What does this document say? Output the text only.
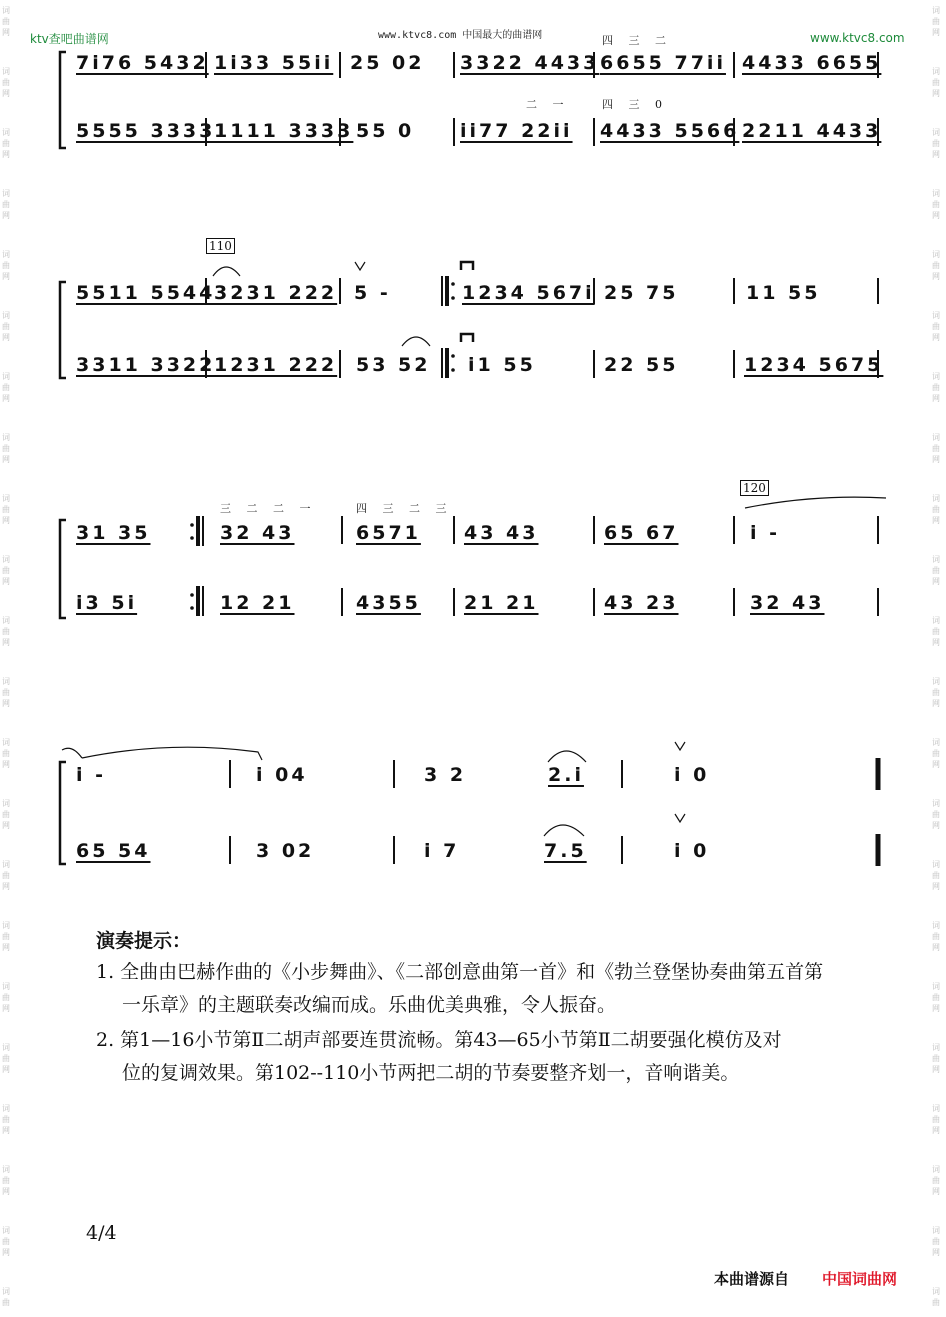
ktv查吧曲谱网	www.ktvc8.com 中国最大的曲谱网	www.ktvc8.com
词
曲
网
词
曲
网
词
曲
网
词
曲
网
词
曲
网
词
曲
网
词
曲
网
词
曲
网
词
曲
网
词
曲
网
词
曲
网
词
曲
网
词
曲
网
词
曲
网
词
曲
网
词
曲
网
词
曲
网
词
曲
网
词
曲
网
词
曲
网
词
曲
网
词
曲
词
曲
网
词
曲
网
词
曲
网
词
曲
网
词
曲
网
词
曲
网
词
曲
网
词
曲
网
词
曲
网
词
曲
网
词
曲
网
词
曲
网
词
曲
网
词
曲
网
词
曲
网
词
曲
网
词
曲
网
词
曲
网
词
曲
网
词
曲
网
词
曲
网
词
曲
7i76 5432 1i33 55ii 25 02 3322 4433 6655 77ii 4433 6655
四 三 二
5555 3333
1111 3333 55 0 ii77 22ii 4433 5566 2211 4433
二 一	四 三 0
110
5511 5544
3231 222 5 -	1234 567i 25 75	11 55
3311 3322
1231 222 53 52 i1 55	22 55	1234 5675
120
三 二 二 一	四 三 二 三
31 35	32 43	6571 43 43	65 67	i -
i3 5i	12 21	4355 21 21	43 23	32 43
i -	i 04	3 2	2.i	i 0
65 54	3 02	i 7	7.5	i 0
演奏提示：
1. 全曲由巴赫作曲的《小步舞曲》、《二部创意曲第一首》和《勃兰登堡协奏曲第五首第
一乐章》的主题联奏改编而成。乐曲优美典雅，令人振奋。
2. 第1—16小节第Ⅱ二胡声部要连贯流畅。第43—65小节第Ⅱ二胡要强化模仿及对
位的复调效果。第102--110小节两把二胡的节奏要整齐划一，音响谐美。
4/4
本曲谱源自 中国词曲网
